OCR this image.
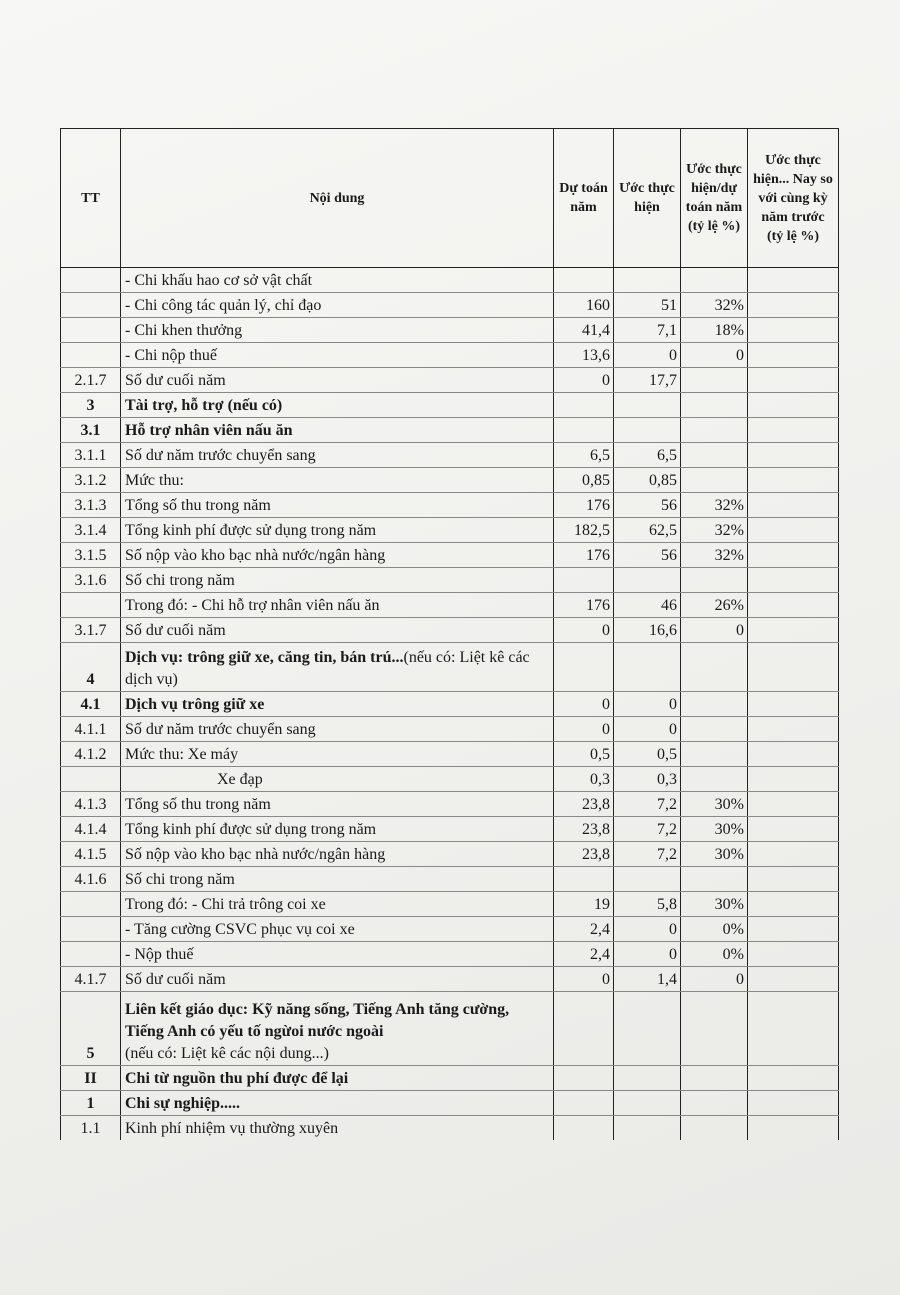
TT	Nội dung	Dự toán năm	Ước thực hiện	Ước thực hiện/dự toán năm (tỷ lệ %)	Ước thực hiện... Nay so với cùng kỳ năm trước (tỷ lệ %)
	- Chi khấu hao cơ sở vật chất				
	- Chi công tác quản lý, chỉ đạo	160	51	32%	
	- Chi khen thưởng	41,4	7,1	18%	
	- Chi nộp thuế	13,6	0	0	
2.1.7	Số dư cuối năm	0	17,7		
3	Tài trợ, hỗ trợ (nếu có)				
3.1	Hỗ trợ nhân viên nấu ăn				
3.1.1	Số dư năm trước chuyển sang	6,5	6,5		
3.1.2	Mức thu:	0,85	0,85		
3.1.3	Tổng số thu trong năm	176	56	32%	
3.1.4	Tổng kinh phí được sử dụng trong năm	182,5	62,5	32%	
3.1.5	Số nộp vào kho bạc nhà nước/ngân hàng	176	56	32%	
3.1.6	Số chi trong năm				
	Trong đó: - Chi hỗ trợ nhân viên nấu ăn	176	46	26%	
3.1.7	Số dư cuối năm	0	16,6	0	
4	Dịch vụ: trông giữ xe, căng tin, bán trú...(nếu có: Liệt kê các dịch vụ)				
4.1	Dịch vụ trông giữ xe	0	0		
4.1.1	Số dư năm trước chuyển sang	0	0		
4.1.2	Mức thu: Xe máy	0,5	0,5		
	Xe đạp	0,3	0,3		
4.1.3	Tổng số thu trong năm	23,8	7,2	30%	
4.1.4	Tổng kinh phí được sử dụng trong năm	23,8	7,2	30%	
4.1.5	Số nộp vào kho bạc nhà nước/ngân hàng	23,8	7,2	30%	
4.1.6	Số chi trong năm				
	Trong đó: - Chi trả trông coi xe	19	5,8	30%	
	- Tăng cường CSVC phục vụ coi xe	2,4	0	0%	
	- Nộp thuế	2,4	0	0%	
4.1.7	Số dư cuối năm	0	1,4	0	
5	Liên kết giáo dục: Kỹ năng sống, Tiếng Anh tăng cường, Tiếng Anh có yếu tố ngừoi nước ngoài
(nếu có: Liệt kê các nội dung...)				
II	Chi từ nguồn thu phí được để lại				
1	Chi sự nghiệp.....				
1.1	Kinh phí nhiệm vụ thường xuyên				
